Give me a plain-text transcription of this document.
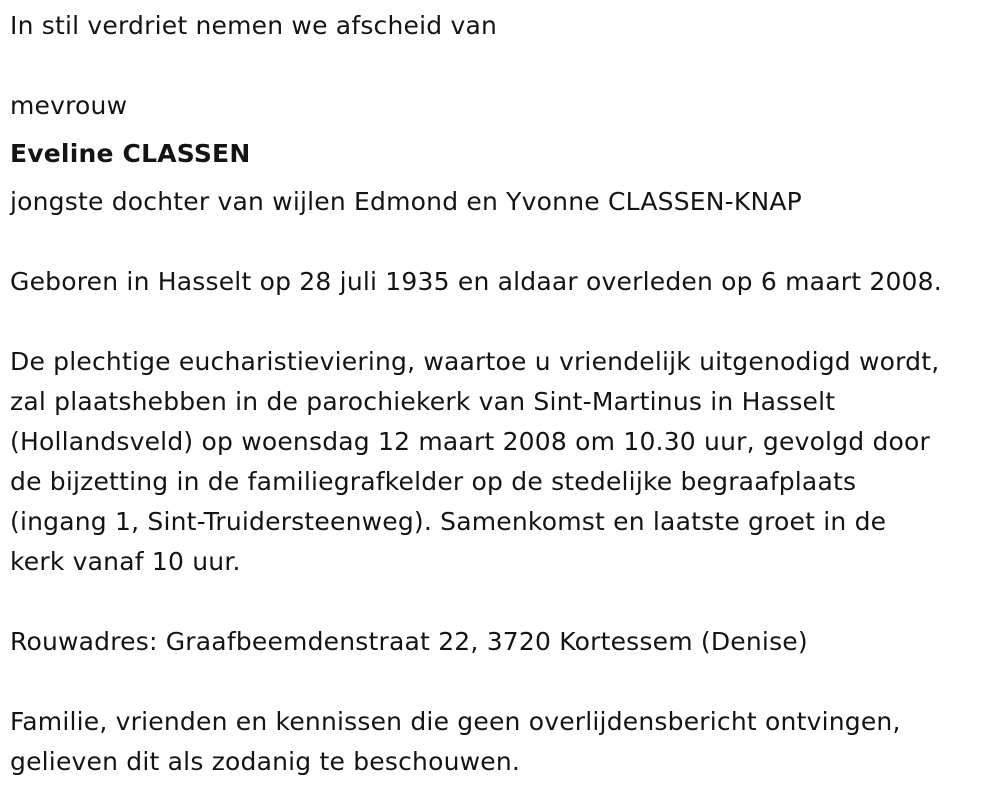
In stil verdriet nemen we afscheid van
mevrouw
Eveline CLASSEN
jongste dochter van wijlen Edmond en Yvonne CLASSEN-KNAP
Geboren in Hasselt op 28 juli 1935 en aldaar overleden op 6 maart 2008.
De plechtige eucharistieviering, waartoe u vriendelijk uitgenodigd wordt,
zal plaatshebben in de parochiekerk van Sint-Martinus in Hasselt
(Hollandsveld) op woensdag 12 maart 2008 om 10.30 uur, gevolgd door
de bijzetting in de familiegrafkelder op de stedelijke begraafplaats
(ingang 1, Sint-Truidersteenweg). Samenkomst en laatste groet in de
kerk vanaf 10 uur.
Rouwadres: Graafbeemdenstraat 22, 3720 Kortessem (Denise)
Familie, vrienden en kennissen die geen overlijdensbericht ontvingen,
gelieven dit als zodanig te beschouwen.
